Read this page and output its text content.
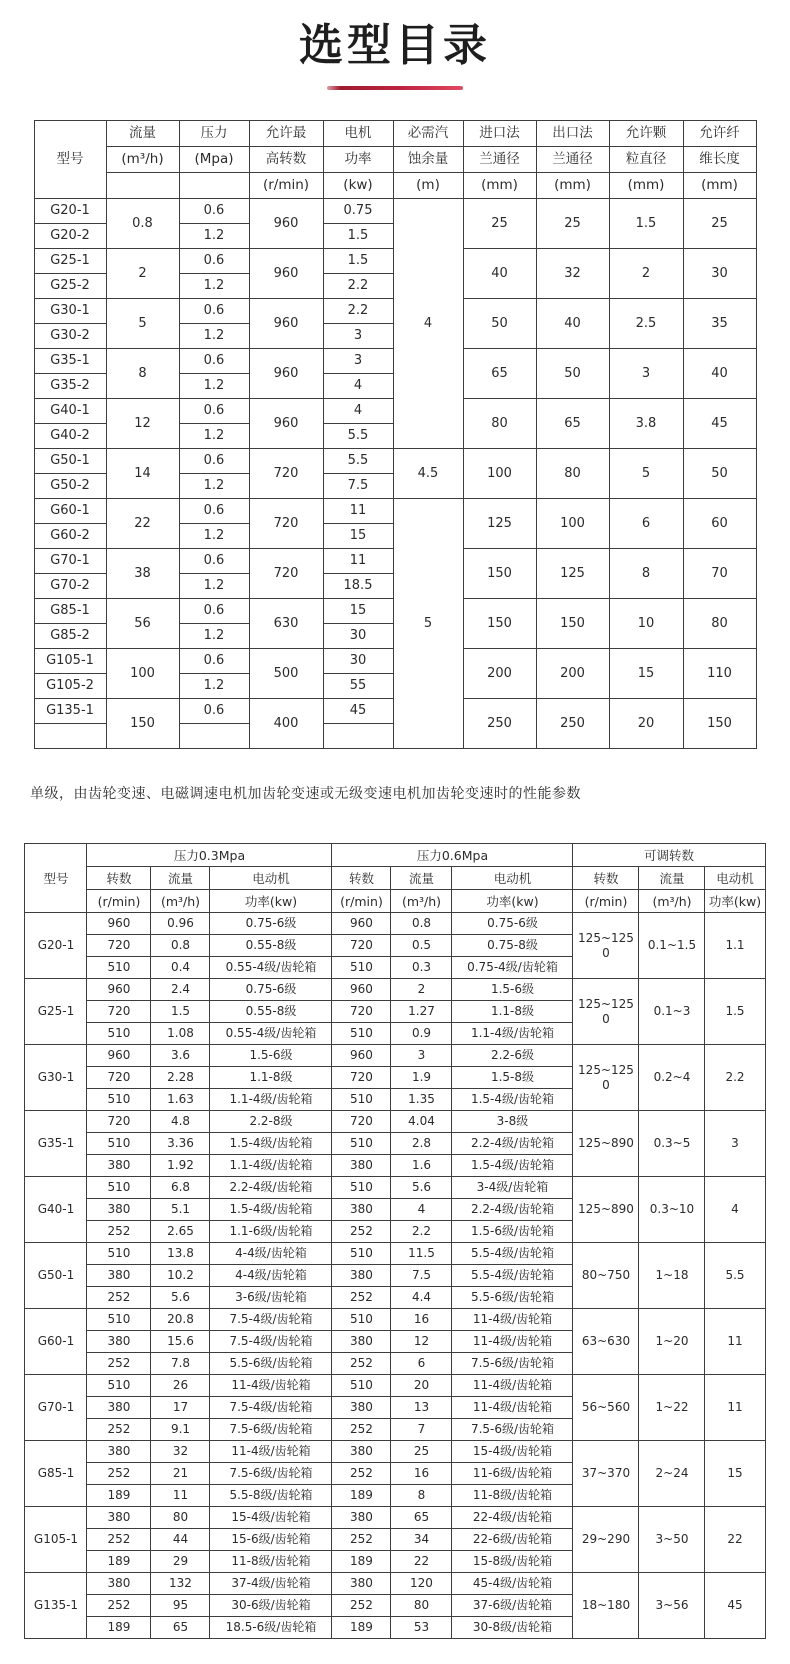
选型目录
型号	流量	压力	允许最	电机	必需汽	进口法	出口法	允许颗	允许纤
	(m³/h)	(Mpa)	高转数	功率	蚀余量	兰通径	兰通径	粒直径	维长度
			(r/min)	(kw)	(m)	(mm)	(mm)	(mm)	(mm)
G20-1	0.8	0.6	960	0.75	4	25	25	1.5	25
G20-2		1.2		1.5					
G25-1	2	0.6	960	1.5		40	32	2	30
G25-2		1.2		2.2					
G30-1	5	0.6	960	2.2		50	40	2.5	35
G30-2		1.2		3					
G35-1	8	0.6	960	3		65	50	3	40
G35-2		1.2		4					
G40-1	12	0.6	960	4		80	65	3.8	45
G40-2		1.2		5.5					
G50-1	14	0.6	720	5.5	4.5	100	80	5	50
G50-2		1.2		7.5					
G60-1	22	0.6	720	11	5	125	100	6	60
G60-2		1.2		15					
G70-1	38	0.6	720	11		150	125	8	70
G70-2		1.2		18.5					
G85-1	56	0.6	630	15		150	150	10	80
G85-2		1.2		30					
G105-1	100	0.6	500	30		200	200	15	110
G105-2		1.2		55					
G135-1	150	0.6	400	45		250	250	20	150

单级，由齿轮变速、电磁调速电机加齿轮变速或无级变速电机加齿轮变速时的性能参数
型号	压力0.3Mpa			压力0.6Mpa			可调转数		
	转数	流量	电动机	转数	流量	电动机	转数	流量	电动机
	(r/min)	(m³/h)	功率(kw)	(r/min)	(m³/h)	功率(kw)	(r/min)	(m³/h)	功率(kw)
G20-1	960	0.96	0.75-6级	960	0.8	0.75-6级	125~​1250	0.1~1.5	1.1
	720	0.8	0.55-8级	720	0.5	0.75-8级			
	510	0.4	0.55-4级/齿轮箱	510	0.3	0.75-4级/齿轮箱			
G25-1	960	2.4	0.75-6级	960	2	1.5-6级	125~​1250	0.1~3	1.5
	720	1.5	0.55-8级	720	1.27	1.1-8级			
	510	1.08	0.55-4级/齿轮箱	510	0.9	1.1-4级/齿轮箱			
G30-1	960	3.6	1.5-6级	960	3	2.2-6级	125~​1250	0.2~4	2.2
	720	2.28	1.1-8级	720	1.9	1.5-8级			
	510	1.63	1.1-4级/齿轮箱	510	1.35	1.5-4级/齿轮箱			
G35-1	720	4.8	2.2-8级	720	4.04	3-8级	125~​890	0.3~5	3
	510	3.36	1.5-4级/齿轮箱	510	2.8	2.2-4级/齿轮箱			
	380	1.92	1.1-4级/齿轮箱	380	1.6	1.5-4级/齿轮箱			
G40-1	510	6.8	2.2-4级/齿轮箱	510	5.6	3-4级/齿轮箱	125~​890	0.3~10	4
	380	5.1	1.5-4级/齿轮箱	380	4	2.2-4级/齿轮箱			
	252	2.65	1.1-6级/齿轮箱	252	2.2	1.5-6级/齿轮箱			
G50-1	510	13.8	4-4级/齿轮箱	510	11.5	5.5-4级/齿轮箱	80~​750	1~18	5.5
	380	10.2	4-4级/齿轮箱	380	7.5	5.5-4级/齿轮箱			
	252	5.6	3-6级/齿轮箱	252	4.4	5.5-6级/齿轮箱			
G60-1	510	20.8	7.5-4级/齿轮箱	510	16	11-4级/齿轮箱	63~​630	1~20	11
	380	15.6	7.5-4级/齿轮箱	380	12	11-4级/齿轮箱			
	252	7.8	5.5-6级/齿轮箱	252	6	7.5-6级/齿轮箱			
G70-1	510	26	11-4级/齿轮箱	510	20	11-4级/齿轮箱	56~​560	1~22	11
	380	17	7.5-4级/齿轮箱	380	13	11-4级/齿轮箱			
	252	9.1	7.5-6级/齿轮箱	252	7	7.5-6级/齿轮箱			
G85-1	380	32	11-4级/齿轮箱	380	25	15-4级/齿轮箱	37~​370	2~24	15
	252	21	7.5-6级/齿轮箱	252	16	11-6级/齿轮箱			
	189	11	5.5-8级/齿轮箱	189	8	11-8级/齿轮箱			
G105-1	380	80	15-4级/齿轮箱	380	65	22-4级/齿轮箱	29~​290	3~50	22
	252	44	15-6级/齿轮箱	252	34	22-6级/齿轮箱			
	189	29	11-8级/齿轮箱	189	22	15-8级/齿轮箱			
G135-1	380	132	37-4级/齿轮箱	380	120	45-4级/齿轮箱	18~​180	3~56	45
	252	95	30-6级/齿轮箱	252	80	37-6级/齿轮箱			
	189	65	18.5-6级/齿轮箱	189	53	30-8级/齿轮箱			
